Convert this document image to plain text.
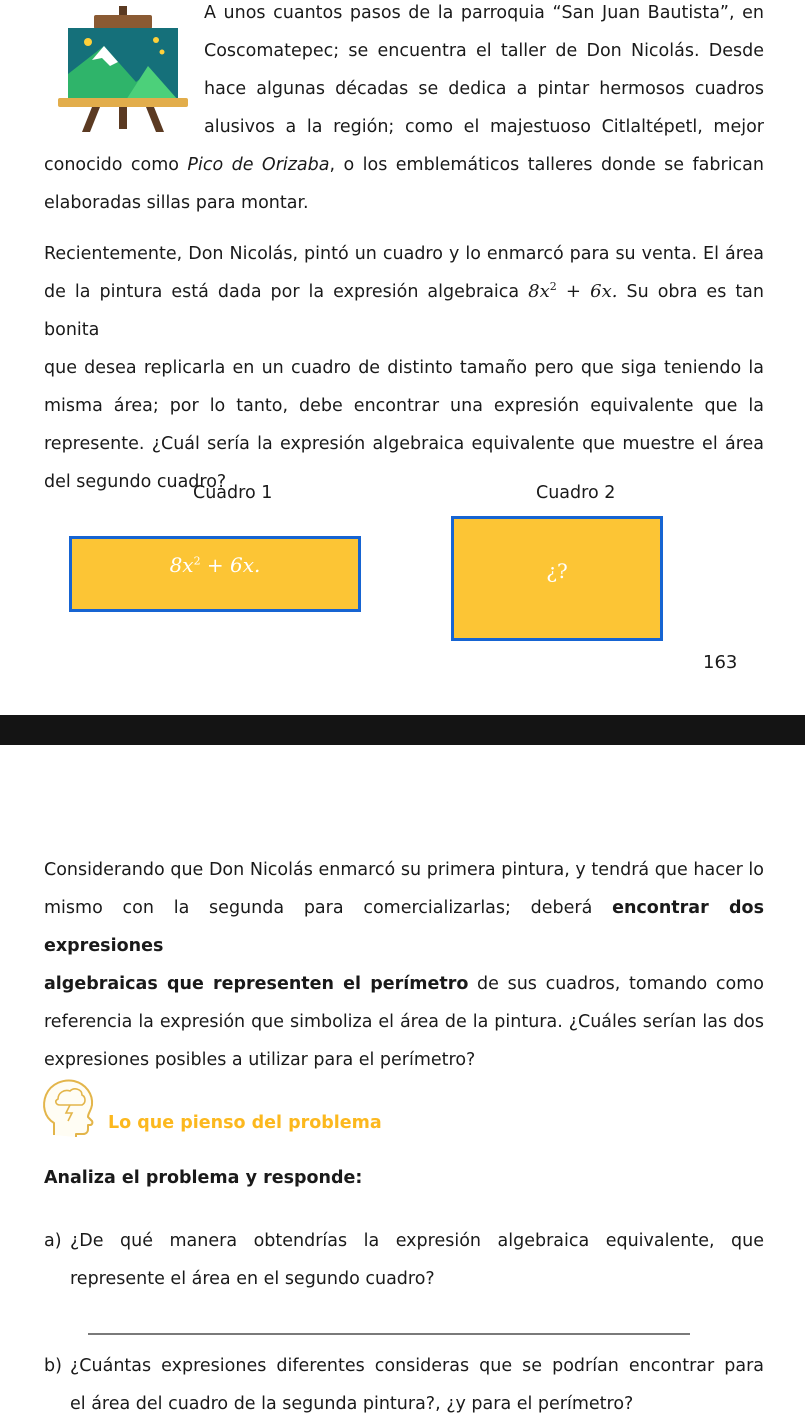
A unos cuantos pasos de la parroquia “San Juan Bautista”, en
Coscomatepec; se encuentra el taller de Don Nicolás. Desde
hace algunas décadas se dedica a pintar hermosos cuadros
alusivos a la región; como el majestuoso Citlaltépetl, mejor
conocido como Pico de Orizaba, o los emblemáticos talleres donde se fabrican
elaboradas sillas para montar.
Recientemente, Don Nicolás, pintó un cuadro y lo enmarcó para su venta. El área
de la pintura está dada por la expresión algebraica $8x^2 + 6x$. Su obra es tan bonita
que desea replicarla en un cuadro de distinto tamaño pero que siga teniendo la
misma área; por lo tanto, debe encontrar una expresión equivalente que la
represente. ¿Cuál sería la expresión algebraica equivalente que muestre el área
del segundo cuadro?
Cuadro 1	Cuadro 2
$8x^2 + 6x$.	¿?
163
Considerando que Don Nicolás enmarcó su primera pintura, y tendrá que hacer lo
mismo con la segunda para comercializarlas; deberá encontrar dos expresiones
algebraicas que representen el perímetro de sus cuadros, tomando como
referencia la expresión que simboliza el área de la pintura. ¿Cuáles serían las dos
expresiones posibles a utilizar para el perímetro?
Lo que pienso del problema
Analiza el problema y responde:
a) ¿De qué manera obtendrías la expresión algebraica equivalente, que
represente el área en el segundo cuadro?
b) ¿Cuántas expresiones diferentes consideras que se podrían encontrar para
el área del cuadro de la segunda pintura?, ¿y para el perímetro?
